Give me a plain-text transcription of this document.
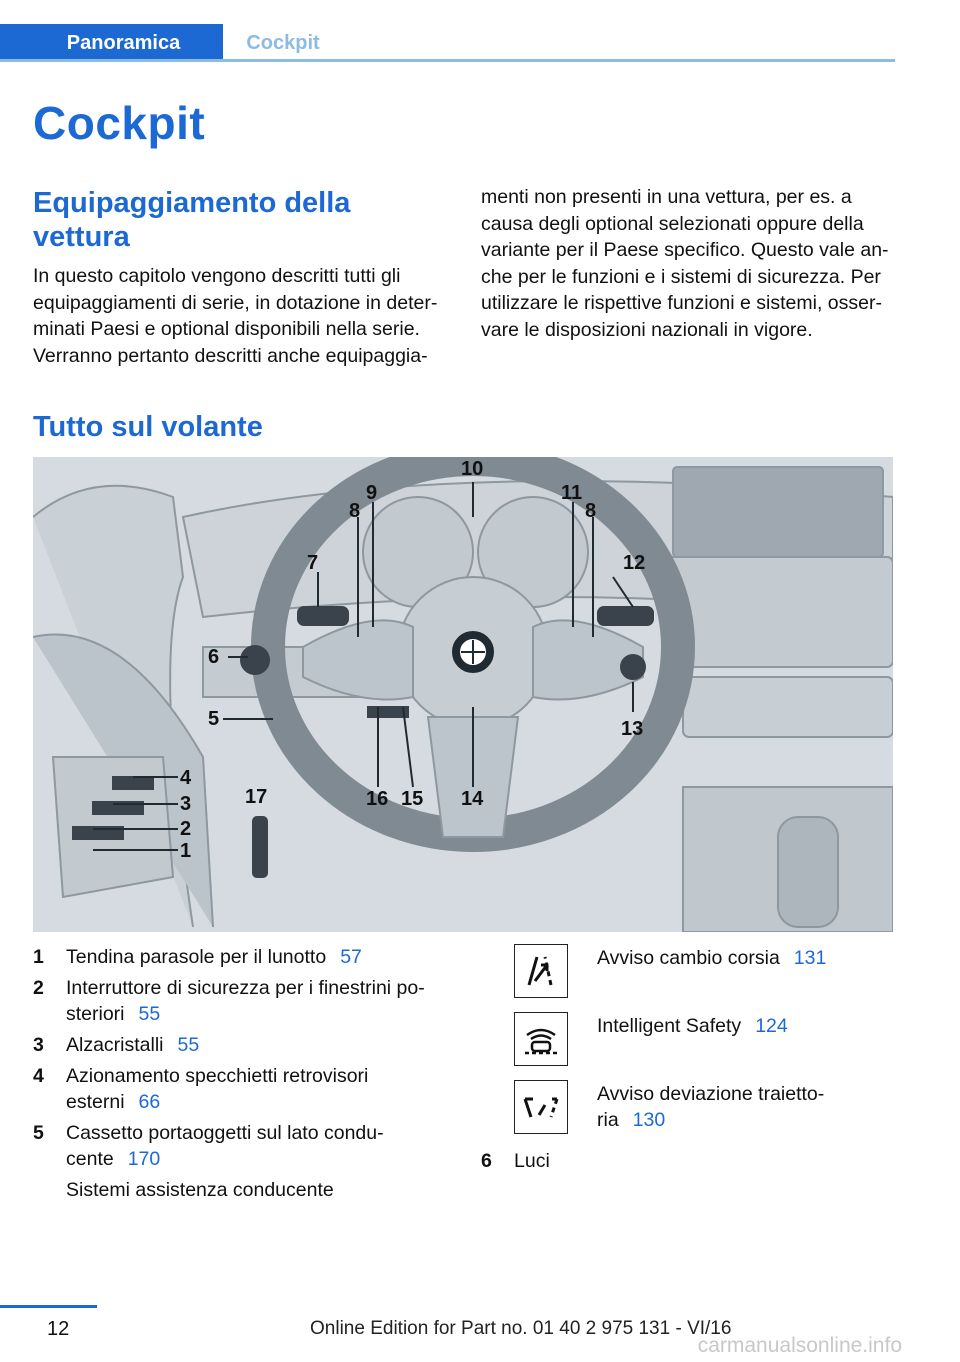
Panoramica	Cockpit
Cockpit
Equipaggiamento della
vettura
In questo capitolo vengono descritti tutti gli
equipaggiamenti di serie, in dotazione in deter‐
minati Paesi e optional disponibili nella serie.
Verranno pertanto descritti anche equipaggia‐
menti non presenti in una vettura, per es. a
causa degli optional selezionati oppure della
variante per il Paese specifico. Questo vale an‐
che per le funzioni e i sistemi di sicurezza. Per
utilizzare le rispettive funzioni e sistemi, osser‐
vare le disposizioni nazionali in vigore.
Tutto sul volante
10
9
8
11
8
7	12
6
5	13
4
3
2
1
17	16 15 14
1 Tendina parasole per il lunotto 57
2 Interruttore di sicurezza per i finestrini po‐
steriori 55
3 Alzacristalli 55
4 Azionamento specchietti retrovisori
esterni 66
5 Cassetto portaoggetti sul lato condu‐
cente 170
Sistemi assistenza conducente
Avviso cambio corsia 131
Intelligent Safety 124
Avviso deviazione traietto‐
ria 130
6 Luci
12	Online Edition for Part no. 01 40 2 975 131 - VI/16
carmanualsonline.info
